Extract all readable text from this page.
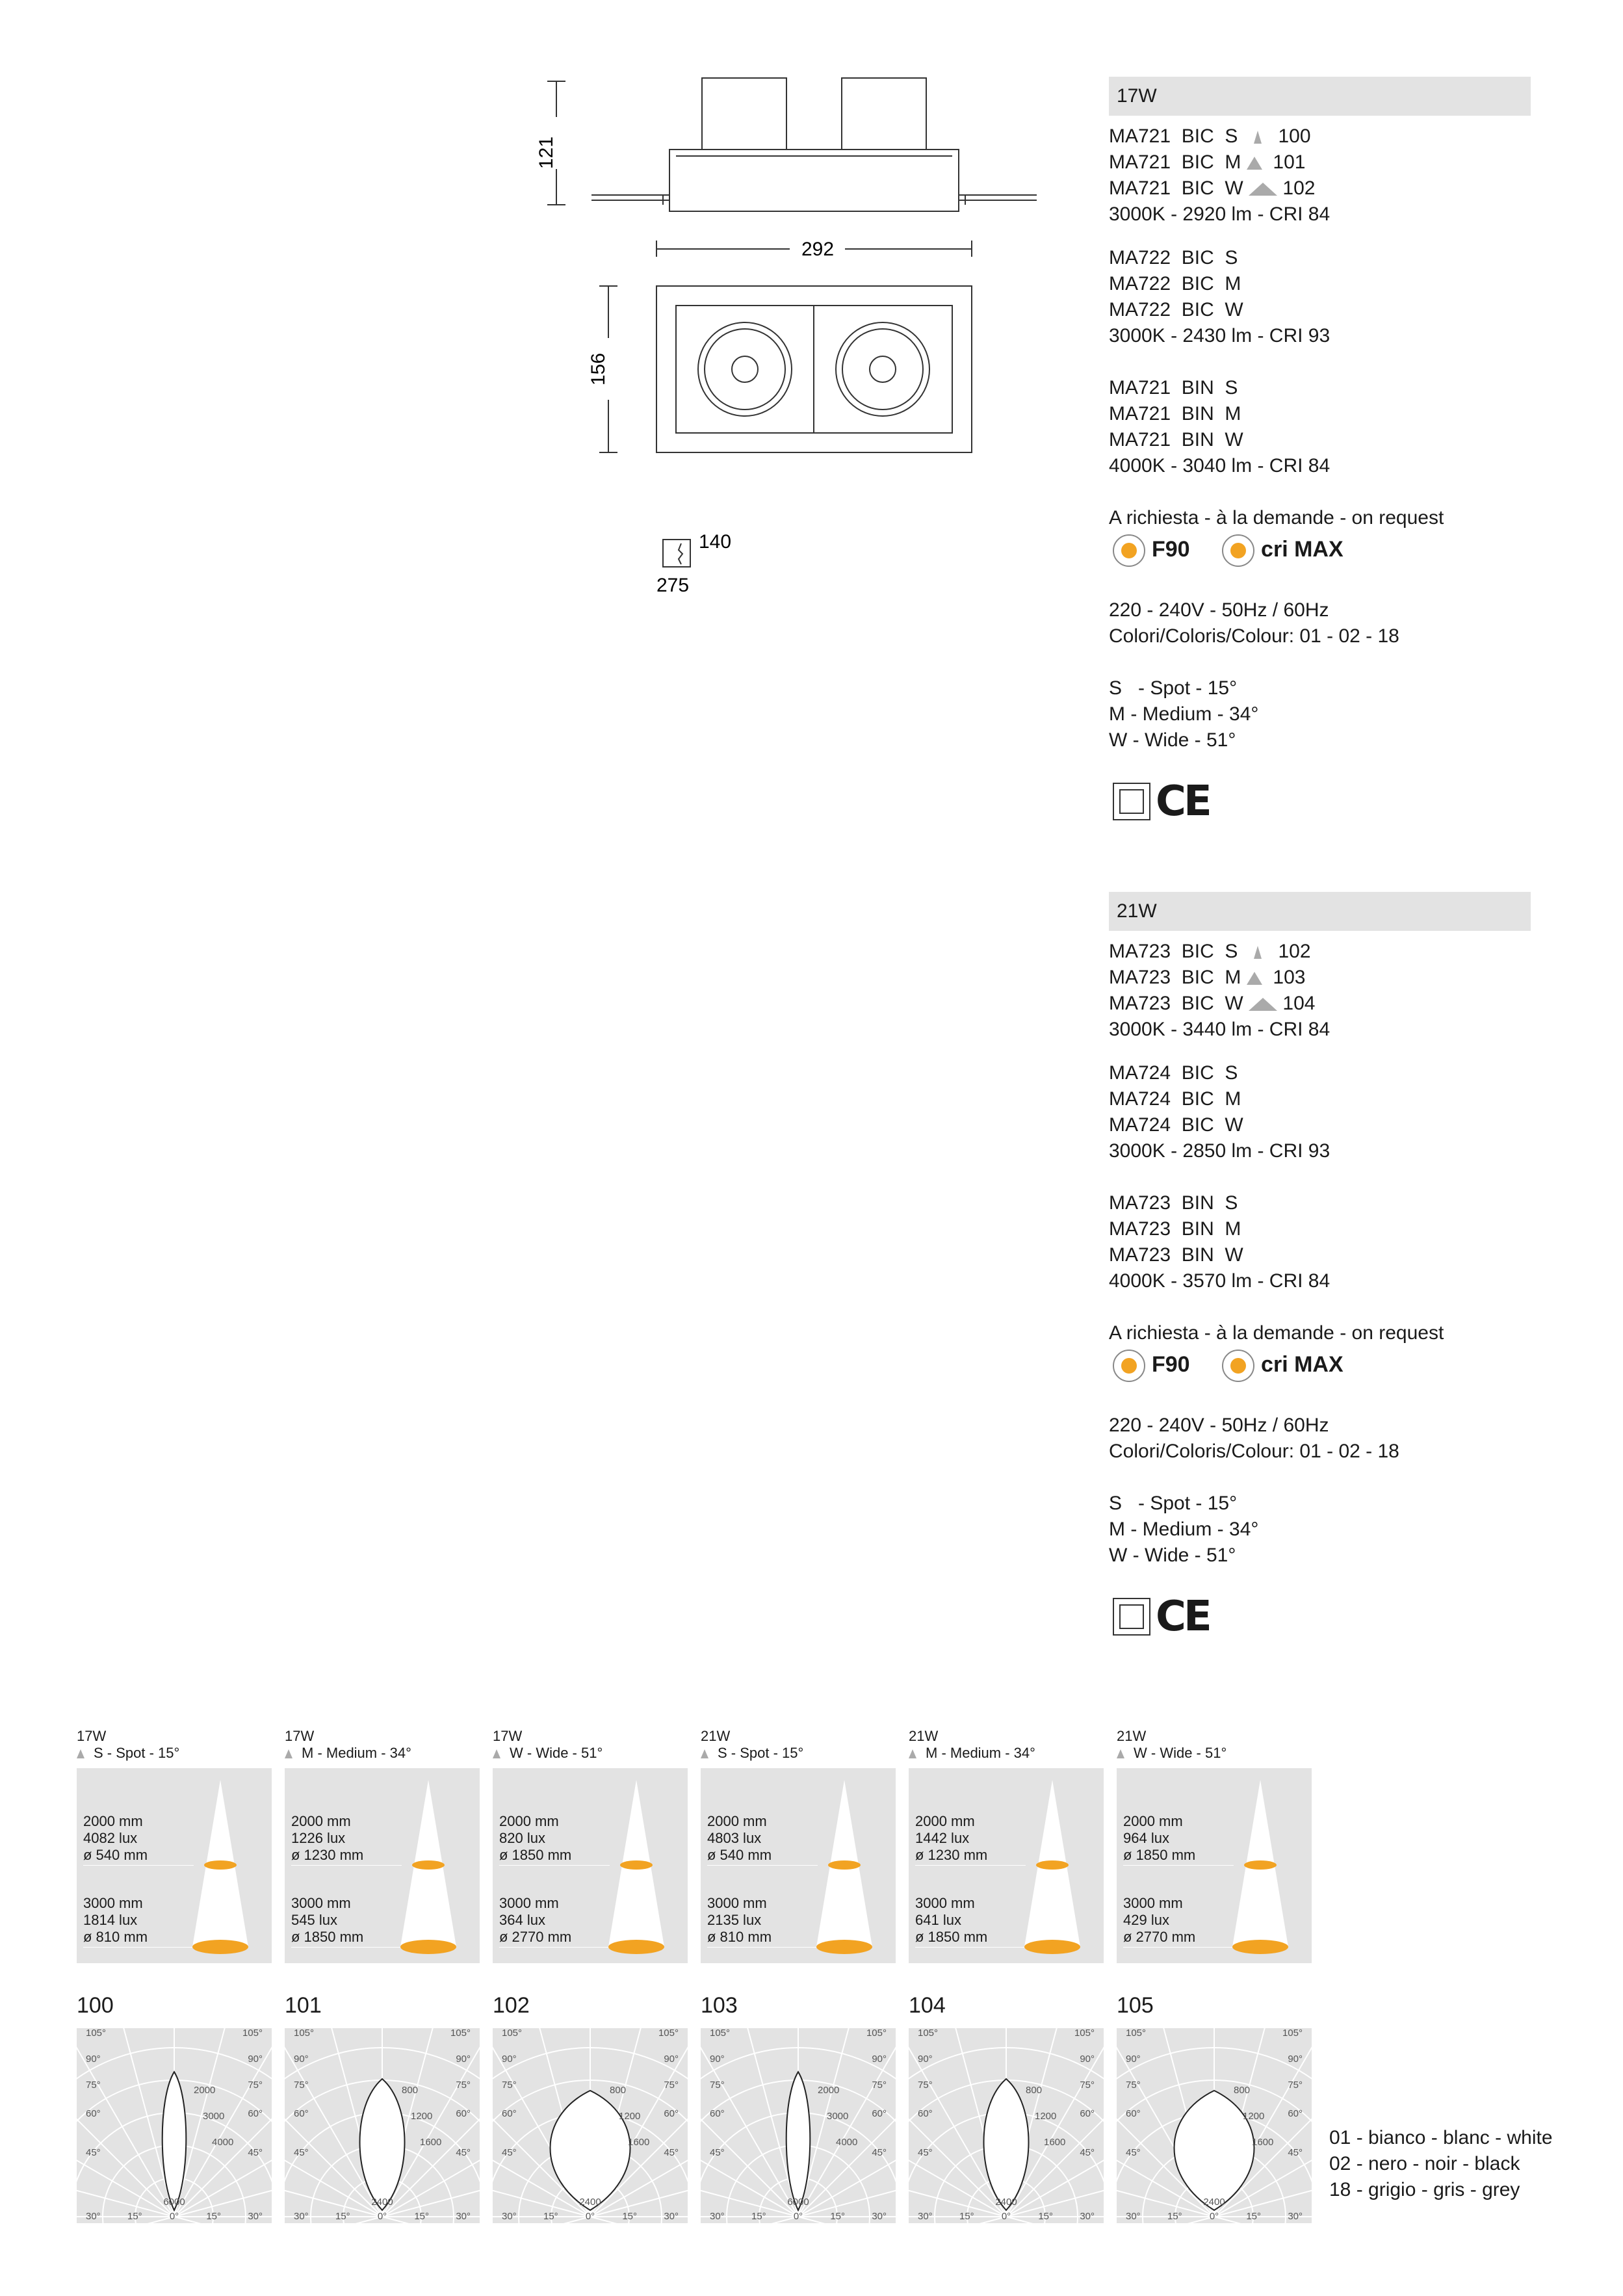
121
292
156
140
275
17W
MA721  BIC  S 100
MA721  BIC  M 101
MA721  BIC  W 102
3000K - 2920 lm - CRI 84
MA722  BIC  S
MA722  BIC  M
MA722  BIC  W
3000K - 2430 lm - CRI 93
MA721  BIN  S
MA721  BIN  M
MA721  BIN  W
4000K - 3040 lm - CRI 84
A richiesta - à la demande - on request
F90	cri MAX
220 - 240V - 50Hz / 60Hz
Colori/Coloris/Colour: 01 - 02 - 18
S   - Spot - 15°
M - Medium - 34°
W - Wide - 51°
CE
21W
MA723  BIC  S 102
MA723  BIC  M 103
MA723  BIC  W 104
3000K - 3440 lm - CRI 84
MA724  BIC  S
MA724  BIC  M
MA724  BIC  W
3000K - 2850 lm - CRI 93
MA723  BIN  S
MA723  BIN  M
MA723  BIN  W
4000K - 3570 lm - CRI 84
A richiesta - à la demande - on request
F90	cri MAX
220 - 240V - 50Hz / 60Hz
Colori/Coloris/Colour: 01 - 02 - 18
S   - Spot - 15°
M - Medium - 34°
W - Wide - 51°
CE
17W
S - Spot - 15°
2000 mm
4082 lux
ø 540 mm
3000 mm
1814 lux
ø 810 mm
100
2000
3000
4000
6000
105°	105°
90°	90°
75°	75°
60°	60°
45°	45°
30°	30°
15°	15°
0°
17W
M - Medium - 34°
2000 mm
1226 lux
ø 1230 mm
3000 mm
545 lux
ø 1850 mm
101
800
1200
1600
2400
105°	105°
90°	90°
75°	75°
60°	60°
45°	45°
30°	30°
15°	15°
0°
17W
W - Wide - 51°
2000 mm
820 lux
ø 1850 mm
3000 mm
364 lux
ø 2770 mm
102
800
1200
1600
2400
105°	105°
90°	90°
75°	75°
60°	60°
45°	45°
30°	30°
15°	15°
0°
21W
S - Spot - 15°
2000 mm
4803 lux
ø 540 mm
3000 mm
2135 lux
ø 810 mm
103
2000
3000
4000
6000
105°	105°
90°	90°
75°	75°
60°	60°
45°	45°
30°	30°
15°	15°
0°
21W
M - Medium - 34°
2000 mm
1442 lux
ø 1230 mm
3000 mm
641 lux
ø 1850 mm
104
800
1200
1600
2400
105°	105°
90°	90°
75°	75°
60°	60°
45°	45°
30°	30°
15°	15°
0°
21W
W - Wide - 51°
2000 mm
964 lux
ø 1850 mm
3000 mm
429 lux
ø 2770 mm
105
800
1200
1600
2400
105°	105°
90°	90°
75°	75°
60°	60°
45°	45°
30°	30°
15°	15°
0°
01 - bianco - blanc - white
02 - nero - noir - black
18 - grigio - gris - grey
